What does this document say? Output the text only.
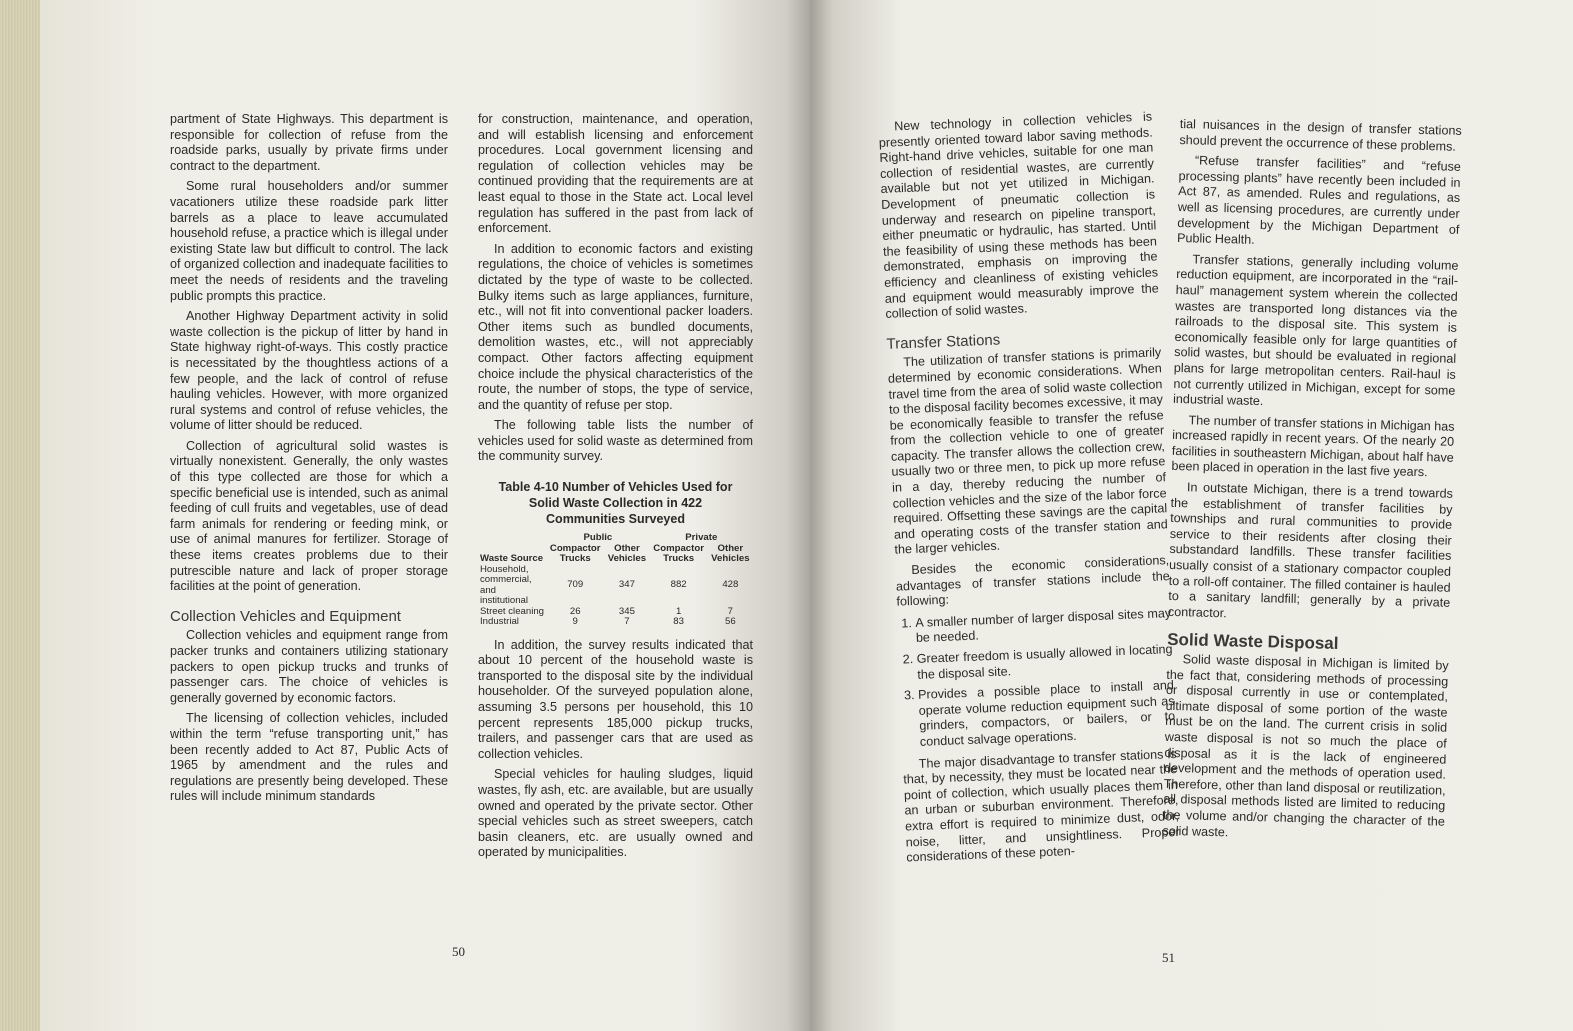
partment of State Highways. This department is responsible for collection of refuse from the roadside parks, usually by private firms under contract to the department.

Some rural householders and/or summer vacationers utilize these roadside park litter barrels as a place to leave accumulated household refuse, a practice which is illegal under existing State law but difficult to control. The lack of organized collection and inadequate facilities to meet the needs of residents and the traveling public prompts this practice.

Another Highway Department activity in solid waste collection is the pickup of litter by hand in State highway right-of-ways. This costly practice is necessitated by the thoughtless actions of a few people, and the lack of control of refuse hauling vehicles. However, with more organized rural systems and control of refuse vehicles, the volume of litter should be reduced.

Collection of agricultural solid wastes is virtually nonexistent. Generally, the only wastes of this type collected are those for which a specific beneficial use is intended, such as animal feeding of cull fruits and vegetables, use of dead farm animals for rendering or feeding mink, or use of animal manures for fertilizer. Storage of these items creates problems due to their putrescible nature and lack of proper storage facilities at the point of generation.

Collection Vehicles and Equipment

Collection vehicles and equipment range from packer trunks and containers utilizing stationary packers to open pickup trucks and trunks of passenger cars. The choice of vehicles is generally governed by economic factors.

The licensing of collection vehicles, included within the term “refuse transporting unit,” has been recently added to Act 87, Public Acts of 1965 by amendment and the rules and regulations are presently being developed. These rules will include minimum standards

for construction, maintenance, and operation, and will establish licensing and enforcement procedures. Local government licensing and regulation of collection vehicles may be continued providing that the requirements are at least equal to those in the State act. Local level regulation has suffered in the past from lack of enforcement.

In addition to economic factors and existing regulations, the choice of vehicles is sometimes dictated by the type of waste to be collected. Bulky items such as large appliances, furniture, etc., will not fit into conventional packer loaders. Other items such as bundled documents, demolition wastes, etc., will not appreciably compact. Other factors affecting equipment choice include the physical characteristics of the route, the number of stops, the type of service, and the quantity of refuse per stop.

The following table lists the number of vehicles used for solid waste as determined from the community survey.

Table 4-10 Number of Vehicles Used for Solid Waste Collection in 422 Communities Surveyed
	Public		Private	
Waste Source	Compactor Trucks	Other Vehicles	Compactor Trucks	Other Vehicles
Household, commercial, and institutional	709	347	882	428
Street cleaning	26	345	1	7
Industrial	9	7	83	56

In addition, the survey results indicated that about 10 percent of the household waste is transported to the disposal site by the individual householder. Of the surveyed population alone, assuming 3.5 persons per household, this 10 percent represents 185,000 pickup trucks, trailers, and passenger cars that are used as collection vehicles.

Special vehicles for hauling sludges, liquid wastes, fly ash, etc. are available, but are usually owned and operated by the private sector. Other special vehicles such as street sweepers, catch basin cleaners, etc. are usually owned and operated by municipalities.

50

New technology in collection vehicles is presently oriented toward labor saving methods. Right-hand drive vehicles, suitable for one man collection of residential wastes, are currently available but not yet utilized in Michigan. Development of pneumatic collection is underway and research on pipeline transport, either pneumatic or hydraulic, has started. Until the feasibility of using these methods has been demonstrated, emphasis on improving the efficiency and cleanliness of existing vehicles and equipment would measurably improve the collection of solid wastes.

Transfer Stations

The utilization of transfer stations is primarily determined by economic considerations. When travel time from the area of solid waste collection to the disposal facility becomes excessive, it may be economically feasible to transfer the refuse from the collection vehicle to one of greater capacity. The transfer allows the collection crew, usually two or three men, to pick up more refuse in a day, thereby reducing the number of collection vehicles and the size of the labor force required. Offsetting these savings are the capital and operating costs of the transfer station and the larger vehicles.

Besides the economic considerations, advantages of transfer stations include the following:

1. A smaller number of larger disposal sites may be needed.
2. Greater freedom is usually allowed in locating the disposal site.
3. Provides a possible place to install and operate volume reduction equipment such as grinders, compactors, or bailers, or to conduct salvage operations.

The major disadvantage to transfer stations is that, by necessity, they must be located near the point of collection, which usually places them in an urban or suburban environment. Therefore, extra effort is required to minimize dust, odor, noise, litter, and unsightliness. Proper considerations of these poten-

tial nuisances in the design of transfer stations should prevent the occurrence of these problems.

“Refuse transfer facilities” and “refuse processing plants” have recently been included in Act 87, as amended. Rules and regulations, as well as licensing procedures, are currently under development by the Michigan Department of Public Health.

Transfer stations, generally including volume reduction equipment, are incorporated in the “rail-haul” management system wherein the collected wastes are transported long distances via the railroads to the disposal site. This system is economically feasible only for large quantities of solid wastes, but should be evaluated in regional plans for large metropolitan centers. Rail-haul is not currently utilized in Michigan, except for some industrial waste.

The number of transfer stations in Michigan has increased rapidly in recent years. Of the nearly 20 facilities in southeastern Michigan, about half have been placed in operation in the last five years.

In outstate Michigan, there is a trend towards the establishment of transfer facilities by townships and rural communities to provide service to their residents after closing their substandard landfills. These transfer facilities usually consist of a stationary compactor coupled to a roll-off container. The filled container is hauled to a sanitary landfill; generally by a private contractor.

Solid Waste Disposal

Solid waste disposal in Michigan is limited by the fact that, considering methods of processing or disposal currently in use or contemplated, ultimate disposal of some portion of the waste must be on the land. The current crisis in solid waste disposal is not so much the place of disposal as it is the lack of engineered development and the methods of operation used. Therefore, other than land disposal or reutilization, all disposal methods listed are limited to reducing the volume and/or changing the character of the solid waste.

51
